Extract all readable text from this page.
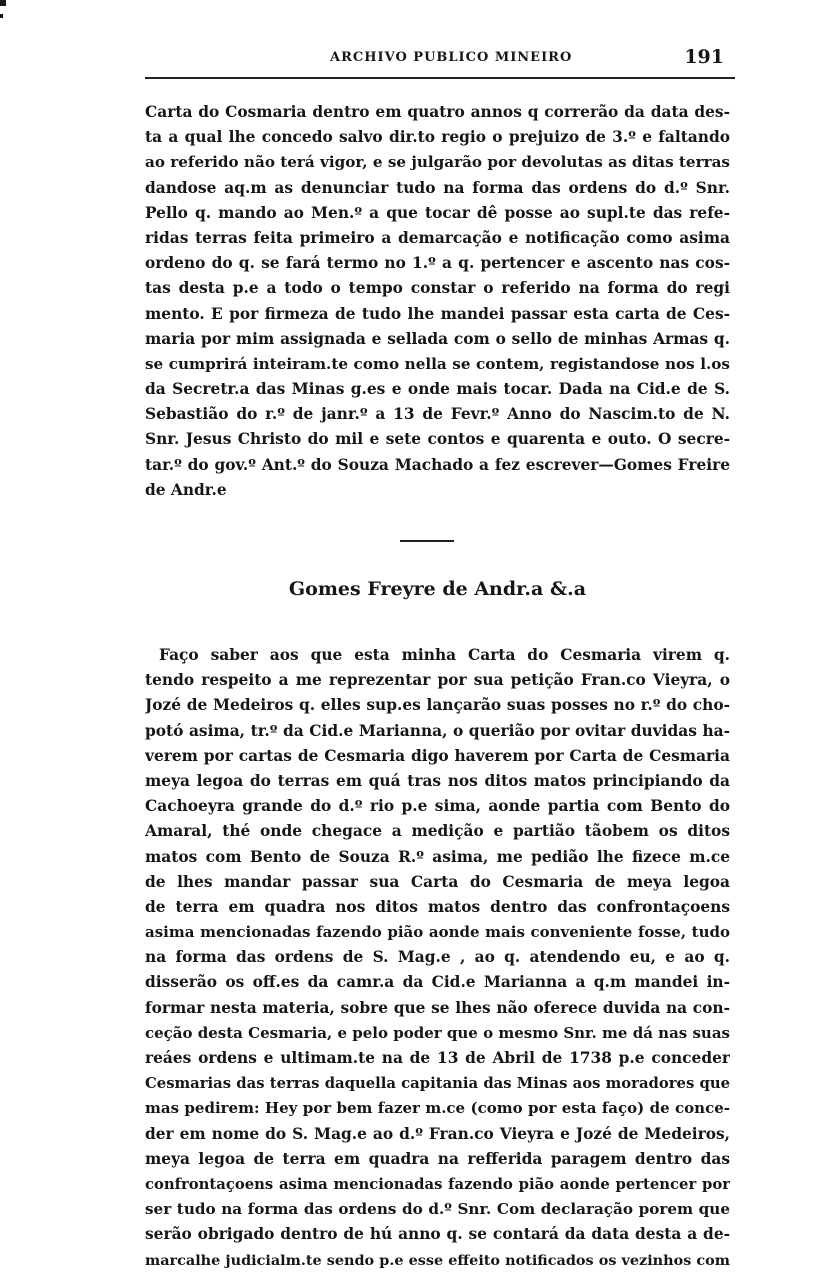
ARCHIVO PUBLICO MINEIRO	191
Carta do Cosmaria dentro em quatro annos q correrão da data des-
ta a qual lhe concedo salvo dir.to regio o prejuizo de 3.º e faltando
ao referido não terá vigor, e se julgarão por devolutas as ditas terras
dandose aq.m as denunciar tudo na forma das ordens do d.º Snr.
Pello q. mando ao Men.º a que tocar dê posse ao supl.te das refe-
ridas terras feita primeiro a demarcação e notificação como asima
ordeno do q. se fará termo no 1.º a q. pertencer e ascento nas cos-
tas desta p.e a todo o tempo constar o referido na forma do regi
mento. E por firmeza de tudo lhe mandei passar esta carta de Ces-
maria por mim assignada e sellada com o sello de minhas Armas q.
se cumprirá inteiram.te como nella se contem, registandose nos l.os
da Secretr.a das Minas g.es e onde mais tocar. Dada na Cid.e de S.
Sebastião do r.º de janr.º a 13 de Fevr.º Anno do Nascim.to de N.
Snr. Jesus Christo do mil e sete contos e quarenta e outo. O secre-
tar.º do gov.º Ant.º do Souza Machado a fez escrever—Gomes Freire
de Andr.e
Gomes Freyre de Andr.a &.a
Faço saber aos que esta minha Carta do Cesmaria virem q.
tendo respeito a me reprezentar por sua petição Fran.co Vieyra, o
Jozé de Medeiros q. elles sup.es lançarão suas posses no r.º do cho-
potó asima, tr.º da Cid.e Marianna, o querião por ovitar duvidas ha-
verem por cartas de Cesmaria digo haverem por Carta de Cesmaria
meya legoa do terras em quá tras nos ditos matos principiando da
Cachoeyra grande do d.º rio p.e sima, aonde partia com Bento do
Amaral, thé onde chegace a medição e partião tãobem os ditos
matos com Bento de Souza R.º asima, me pedião lhe fizece m.ce
de lhes mandar passar sua Carta do Cesmaria de meya legoa
de terra em quadra nos ditos matos dentro das confrontaçoens
asima mencionadas fazendo pião aonde mais conveniente fosse, tudo
na forma das ordens de S. Mag.e , ao q. atendendo eu, e ao q.
disserão os off.es da camr.a da Cid.e Marianna a q.m mandei in-
formar nesta materia, sobre que se lhes não oferece duvida na con-
ceção desta Cesmaria, e pelo poder que o mesmo Snr. me dá nas suas
reáes ordens e ultimam.te na de 13 de Abril de 1738 p.e conceder
Cesmarias das terras daquella capitania das Minas aos moradores que
mas pedirem: Hey por bem fazer m.ce (como por esta faço) de conce-
der em nome do S. Mag.e ao d.º Fran.co Vieyra e Jozé de Medeiros,
meya legoa de terra em quadra na refferida paragem dentro das
confrontaçoens asima mencionadas fazendo pião aonde pertencer por
ser tudo na forma das ordens do d.º Snr. Com declaração porem que
serão obrigado dentro de hú anno q. se contará da data desta a de-
marcalhe judicialm.te sendo p.e esse effeito notificados os vezinhos com
